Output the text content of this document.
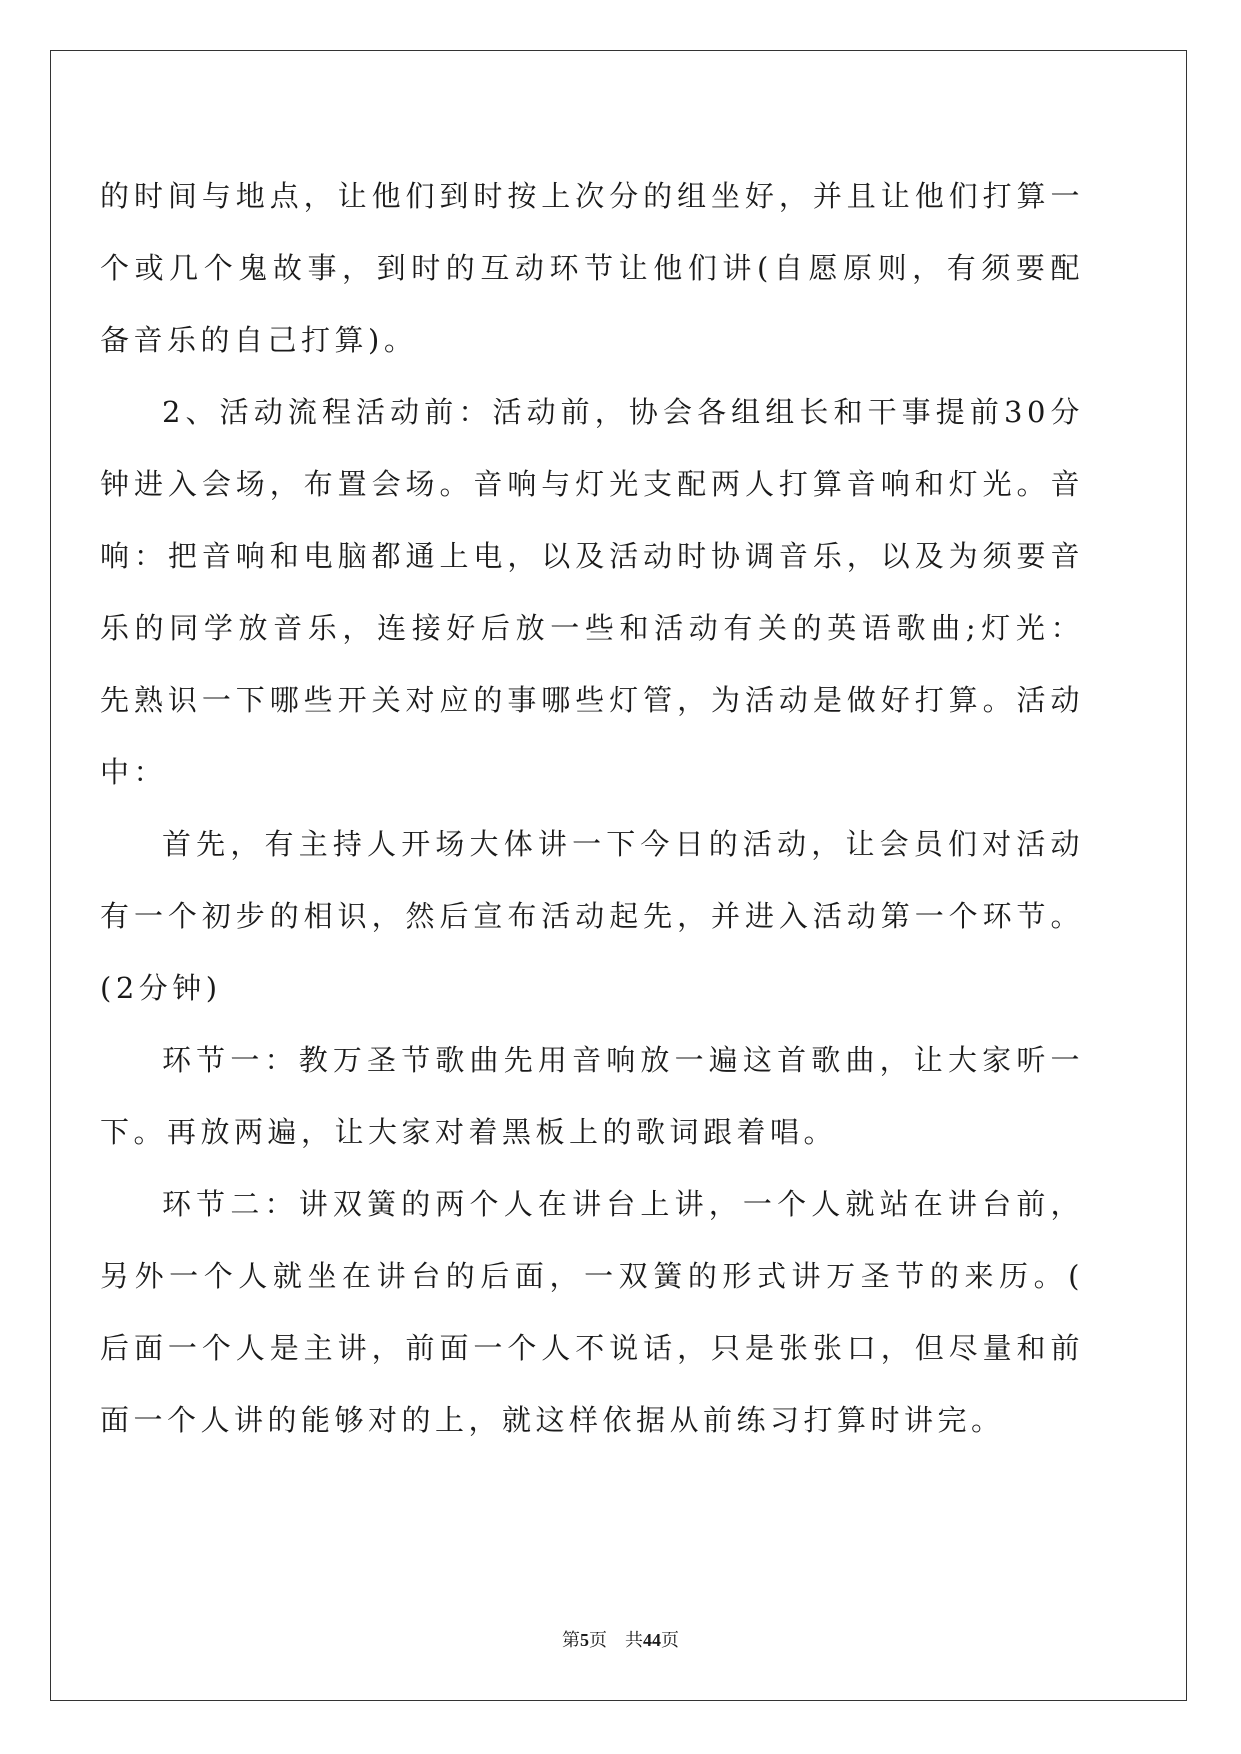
的时间与地点，让他们到时按上次分的组坐好，并且让他们打算一个或几个鬼故事，到时的互动环节让他们讲(自愿原则，有须要配备音乐的自己打算)。

2、活动流程活动前：活动前，协会各组组长和干事提前30分钟进入会场，布置会场。音响与灯光支配两人打算音响和灯光。音响：把音响和电脑都通上电，以及活动时协调音乐，以及为须要音乐的同学放音乐，连接好后放一些和活动有关的英语歌曲;灯光：先熟识一下哪些开关对应的事哪些灯管，为活动是做好打算。活动中：

首先，有主持人开场大体讲一下今日的活动，让会员们对活动有一个初步的相识，然后宣布活动起先，并进入活动第一个环节。(2分钟)

环节一：教万圣节歌曲先用音响放一遍这首歌曲，让大家听一下。再放两遍，让大家对着黑板上的歌词跟着唱。

环节二：讲双簧的两个人在讲台上讲，一个人就站在讲台前，另外一个人就坐在讲台的后面，一双簧的形式讲万圣节的来历。(后面一个人是主讲，前面一个人不说话，只是张张口，但尽量和前面一个人讲的能够对的上，就这样依据从前练习打算时讲完。

第5页 共44页
